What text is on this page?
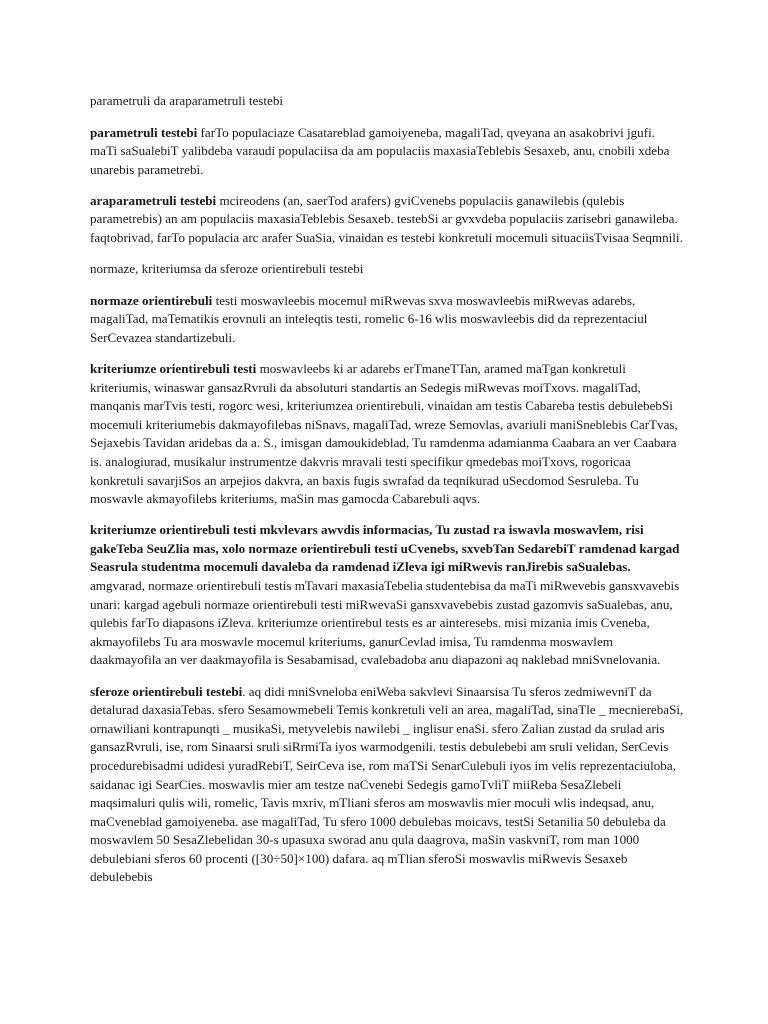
parametruli da araparametruli testebi

parametruli testebi farTo populaciaze Casatareblad gamoiyeneba, magaliTad, qveyana an asakobrivi jgufi. maTi saSualebiT yalibdeba varaudi populaciisa da am populaciis maxasiaTeblebis Sesaxeb, anu, cnobili xdeba unarebis parametrebi.

araparametruli testebi mcireodens (an, saerTod arafers) gviCvenebs populaciis ganawilebis (qulebis parametrebis) an am populaciis maxasiaTeblebis Sesaxeb. testebSi ar gvxvdeba populaciis zarisebri ganawileba. faqtobrivad, farTo populacia arc arafer SuaSia, vinaidan es testebi konkretuli mocemuli situaciisTvisaa Seqmnili.

normaze, kriteriumsa da sferoze orientirebuli testebi

normaze orientirebuli testi moswavleebis mocemul miRwevas sxva moswavleebis miRwevas adarebs, magaliTad, maTematikis erovnuli an inteleqtis testi, romelic 6-16 wlis moswavleebis did da reprezentaciul SerCevazea standartizebuli.

kriteriumze orientirebuli testi moswavleebs ki ar adarebs erTmaneTTan, aramed maTgan konkretuli kriteriumis, winaswar gansazRvruli da absoluturi standartis an Sedegis miRwevas moiTxovs. magaliTad, manqanis marTvis testi, rogorc wesi, kriteriumzea orientirebuli, vinaidan am testis Cabareba testis debulebebSi mocemuli kriteriumebis dakmayofilebas niSnavs, magaliTad, wreze Semovlas, avariuli maniSneblebis CarTvas, Sejaxebis Tavidan aridebas da a. S., imisgan damoukideblad, Tu ramdenma adamianma Caabara an ver Caabara is. analogiurad, musikalur instrumentze dakvris mravali testi specifikur qmedebas moiTxovs, rogoricaa konkretuli savarjiSos an arpejios dakvra, an baxis fugis swrafad da teqnikurad uSecdomod Sesruleba. Tu moswavle akmayofilebs kriteriums, maSin mas gamocda Cabarebuli aqvs.

kriteriumze orientirebuli testi mkvlevars awvdis informacias, Tu zustad ra iswavla moswavlem, risi gakeTeba SeuZlia mas, xolo normaze orientirebuli testi uCvenebs, sxvebTan SedarebiT ramdenad kargad Seasrula studentma mocemuli davaleba da ramdenad iZleva igi miRwevis ranJirebis saSualebas. amgvarad, normaze orientirebuli testis mTavari maxasiaTebelia studentebisa da maTi miRwevebis gansxvavebis unari: kargad agebuli normaze orientirebuli testi miRwevaSi gansxvavebebis zustad gazomvis saSualebas, anu, qulebis farTo diapasons iZleva. kriteriumze orientirebul tests es ar ainteresebs. misi mizania imis Cveneba, akmayofilebs Tu ara moswavle mocemul kriteriums, ganurCevlad imisa, Tu ramdenma moswavlem daakmayofila an ver daakmayofila is Sesabamisad, cvalebadoba anu diapazoni aq naklebad mniSvnelovania.

sferoze orientirebuli testebi. aq didi mniSvneloba eniWeba sakvlevi Sinaarsisa Tu sferos zedmiwevniT da detalurad daxasiaTebas. sfero Sesamowmebeli Temis konkretuli veli an area, magaliTad, sinaTle _ mecnierebaSi, ornawiliani kontrapunqti _ musikaSi, metyvelebis nawilebi _ inglisur enaSi. sfero Zalian zustad da srulad aris gansazRvruli, ise, rom Sinaarsi sruli siRrmiTa iyos warmodgenili. testis debulebebi am sruli velidan, SerCevis procedurebisadmi udidesi yuradRebiT, SeirCeva ise, rom maTSi SenarCulebuli iyos im velis reprezentaciuloba, saidanac igi SearCies. moswavlis mier am testze naCvenebi Sedegis gamoTvliT miiReba SesaZlebeli maqsimaluri qulis wili, romelic, Tavis mxriv, mTliani sferos am moswavlis mier moculi wlis indeqsad, anu, maCveneblad gamoiyeneba. ase magaliTad, Tu sfero 1000 debulebas moicavs, testSi Setanilia 50 debuleba da moswavlem 50 SesaZlebelidan 30-s upasuxa sworad anu qula daagrova, maSin vaskvniT, rom man 1000 debulebiani sferos 60 procenti ([30÷50]×100) dafara. aq mTlian sferoSi moswavlis miRwevis Sesaxeb debulebebis
